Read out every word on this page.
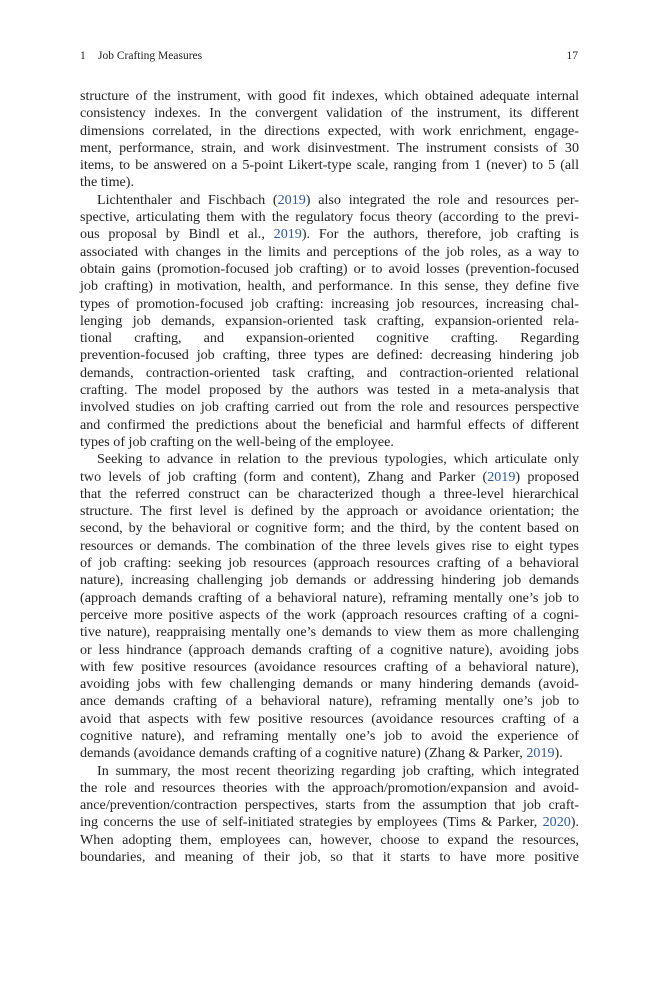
1 Job Crafting Measures	17

structure of the instrument, with good fit indexes, which obtained adequate internal
consistency indexes. In the convergent validation of the instrument, its different
dimensions correlated, in the directions expected, with work enrichment, engage-
ment, performance, strain, and work disinvestment. The instrument consists of 30
items, to be answered on a 5-point Likert-type scale, ranging from 1 (never) to 5 (all
the time).

Lichtenthaler and Fischbach (2019) also integrated the role and resources per-
spective, articulating them with the regulatory focus theory (according to the previ-
ous proposal by Bindl et al., 2019). For the authors, therefore, job crafting is
associated with changes in the limits and perceptions of the job roles, as a way to
obtain gains (promotion-focused job crafting) or to avoid losses (prevention-focused
job crafting) in motivation, health, and performance. In this sense, they define five
types of promotion-focused job crafting: increasing job resources, increasing chal-
lenging job demands, expansion-oriented task crafting, expansion-oriented rela-
tional crafting, and expansion-oriented cognitive crafting. Regarding
prevention-focused job crafting, three types are defined: decreasing hindering job
demands, contraction-oriented task crafting, and contraction-oriented relational
crafting. The model proposed by the authors was tested in a meta-analysis that
involved studies on job crafting carried out from the role and resources perspective
and confirmed the predictions about the beneficial and harmful effects of different
types of job crafting on the well-being of the employee.

Seeking to advance in relation to the previous typologies, which articulate only
two levels of job crafting (form and content), Zhang and Parker (2019) proposed
that the referred construct can be characterized though a three-level hierarchical
structure. The first level is defined by the approach or avoidance orientation; the
second, by the behavioral or cognitive form; and the third, by the content based on
resources or demands. The combination of the three levels gives rise to eight types
of job crafting: seeking job resources (approach resources crafting of a behavioral
nature), increasing challenging job demands or addressing hindering job demands
(approach demands crafting of a behavioral nature), reframing mentally one’s job to
perceive more positive aspects of the work (approach resources crafting of a cogni-
tive nature), reappraising mentally one’s demands to view them as more challenging
or less hindrance (approach demands crafting of a cognitive nature), avoiding jobs
with few positive resources (avoidance resources crafting of a behavioral nature),
avoiding jobs with few challenging demands or many hindering demands (avoid-
ance demands crafting of a behavioral nature), reframing mentally one’s job to
avoid that aspects with few positive resources (avoidance resources crafting of a
cognitive nature), and reframing mentally one’s job to avoid the experience of
demands (avoidance demands crafting of a cognitive nature) (Zhang & Parker, 2019).

In summary, the most recent theorizing regarding job crafting, which integrated
the role and resources theories with the approach/promotion/expansion and avoid-
ance/prevention/contraction perspectives, starts from the assumption that job craft-
ing concerns the use of self-initiated strategies by employees (Tims & Parker, 2020).
When adopting them, employees can, however, choose to expand the resources,
boundaries, and meaning of their job, so that it starts to have more positive
